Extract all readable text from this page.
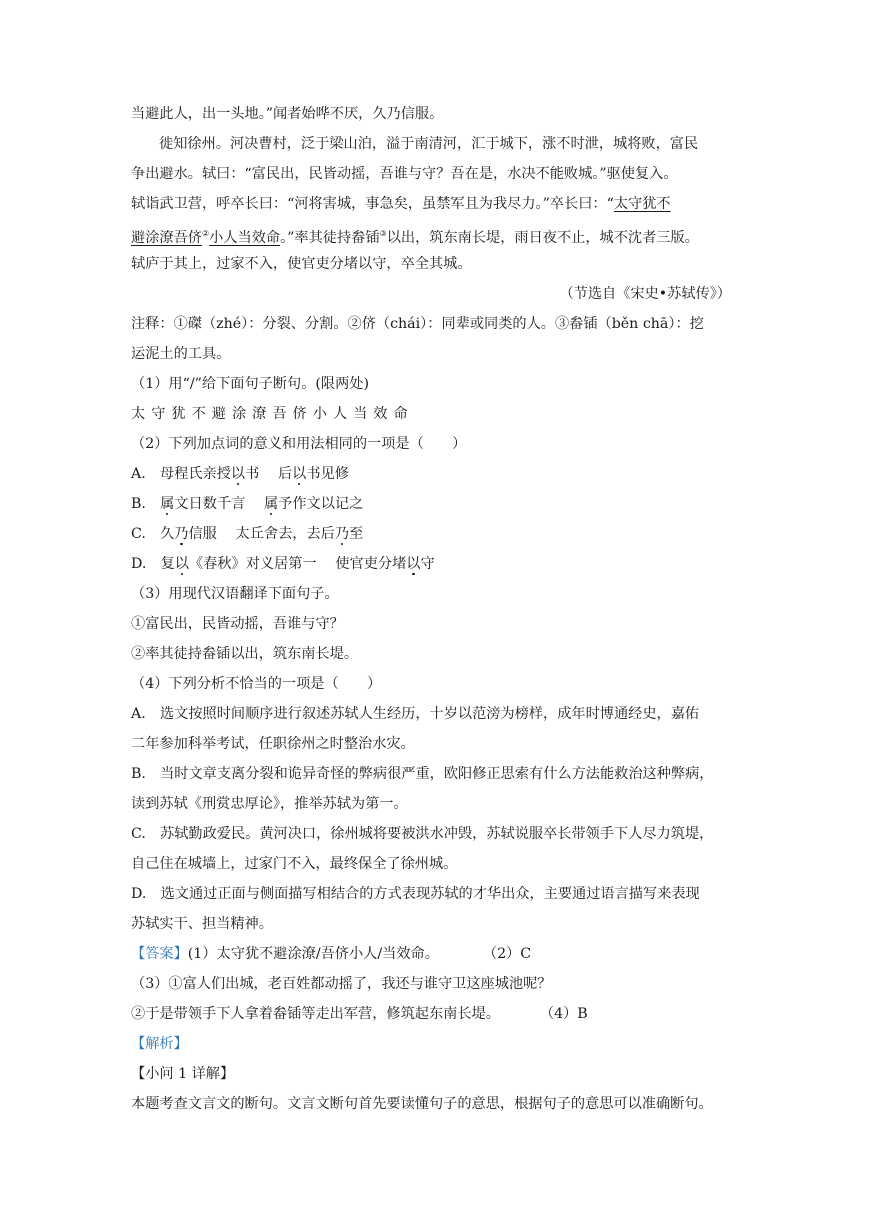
当避此人，出一头地。”闻者始哗不厌，久乃信服。
徙知徐州。河决曹村，泛于梁山泊，溢于南清河，汇于城下，涨不时泄，城将败，富民
争出避水。轼曰：“富民出，民皆动摇，吾谁与守？吾在是，水决不能败城。”驱使复入。
轼诣武卫营，呼卒长曰：“河将害城，事急矣，虽禁军且为我尽力。”卒长曰：“太守犹不
避涂潦吾侪②小人当效命。”率其徒持畚锸③以出，筑东南长堤，雨日夜不止，城不沈者三版。
轼庐于其上，过家不入，使官吏分堵以守，卒全其城。
（节选自《宋史•苏轼传》）
注释：①磔（zhé）：分裂、分割。②侪（chái）：同辈或同类的人。③畚锸（běn chā）：挖
运泥土的工具。
（1）用“/”给下面句子断句。(限两处)
太守犹不避涂潦吾侪小人当效命
（2）下列加点词的意义和用法相同的一项是（　　）
A.　母程氏亲授以书　 后以书见修
B.　属文日数千言　 属予作文以记之
C.　久乃信服　 太丘舍去，去后乃至
D.　复以《春秋》对义居第一　 使官吏分堵以守
（3）用现代汉语翻译下面句子。
①富民出，民皆动摇，吾谁与守？
②率其徒持畚锸以出，筑东南长堤。
（4）下列分析不恰当的一项是（　　）
A.　选文按照时间顺序进行叙述苏轼人生经历，十岁以范滂为榜样，成年时博通经史，嘉佑
二年参加科举考试，任职徐州之时整治水灾。
B.　当时文章支离分裂和诡异奇怪的弊病很严重，欧阳修正思索有什么方法能救治这种弊病，
读到苏轼《刑赏忠厚论》，推举苏轼为第一。
C.　苏轼勤政爱民。黄河决口，徐州城将要被洪水冲毁，苏轼说服卒长带领手下人尽力筑堤，
自己住在城墙上，过家门不入，最终保全了徐州城。
D.　选文通过正面与侧面描写相结合的方式表现苏轼的才华出众，主要通过语言描写来表现
苏轼实干、担当精神。
【答案】(1）太守犹不避涂潦/吾侪小人/当效命。	（2）C
（3）①富人们出城，老百姓都动摇了，我还与谁守卫这座城池呢？
②于是带领手下人拿着畚锸等走出军营，修筑起东南长堤。	（4）B
【解析】
【小问 1 详解】
本题考查文言文的断句。文言文断句首先要读懂句子的意思，根据句子的意思可以准确断句。
